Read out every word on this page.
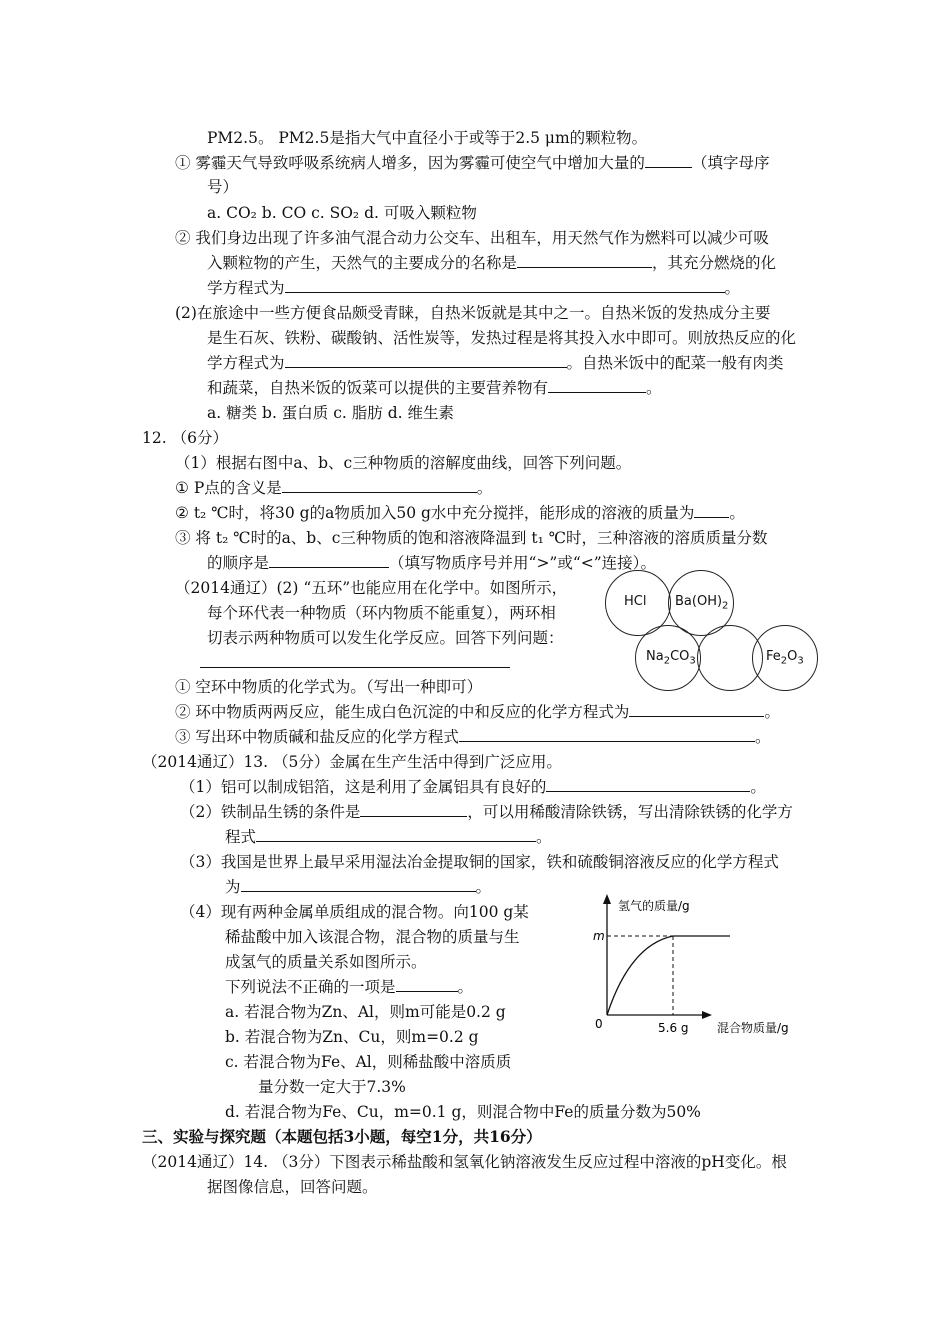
PM2.5。 PM2.5是指大气中直径小于或等于2.5 μm的颗粒物。
① 雾霾天气导致呼吸系统病人增多，因为雾霾可使空气中增加大量的	（填字母序
号）
a. CO₂ b. CO c. SO₂ d. 可吸入颗粒物
② 我们身边出现了许多油气混合动力公交车、出租车，用天然气作为燃料可以减少可吸
入颗粒物的产生，天然气的主要成分的名称是	，其充分燃烧的化
学方程式为	。
(2)在旅途中一些方便食品颇受青睐，自热米饭就是其中之一。自热米饭的发热成分主要
是生石灰、铁粉、碳酸钠、活性炭等，发热过程是将其投入水中即可。则放热反应的化
学方程式为	。自热米饭中的配菜一般有肉类
和蔬菜，自热米饭的饭菜可以提供的主要营养物有	。
a. 糖类 b. 蛋白质 c. 脂肪 d. 维生素
12. （6分）
（1）根据右图中a、b、c三种物质的溶解度曲线，回答下列问题。
① P点的含义是	。
② t₂ ℃时，将30 g的a物质加入50 g水中充分搅拌，能形成的溶液的质量为 。
③ 将 t₂ ℃时的a、b、c三种物质的饱和溶液降温到 t₁ ℃时，三种溶液的溶质质量分数
的顺序是	（填写物质序号并用“>”或“<”连接）。
（2014通辽）(2) “五环”也能应用在化学中。如图所示，
每个环代表一种物质（环内物质不能重复），两环相
切表示两种物质可以发生化学反应。回答下列问题：
① 空环中物质的化学式为。（写出一种即可）
② 环中物质两两反应，能生成白色沉淀的中和反应的化学方程式为	。
③ 写出环中物质碱和盐反应的化学方程式	。
（2014通辽）13. （5分）金属在生产生活中得到广泛应用。
（1）铝可以制成铝箔，这是利用了金属铝具有良好的	。
（2）铁制品生锈的条件是	，可以用稀酸清除铁锈，写出清除铁锈的化学方
程式	。
（3）我国是世界上最早采用湿法冶金提取铜的国家，铁和硫酸铜溶液反应的化学方程式
为	。
（4）现有两种金属单质组成的混合物。向100 g某
稀盐酸中加入该混合物，混合物的质量与生
成氢气的质量关系如图所示。
下列说法不正确的一项是	。
a. 若混合物为Zn、Al，则m可能是0.2 g
b. 若混合物为Zn、Cu，则m=0.2 g
c. 若混合物为Fe、Al，则稀盐酸中溶质质
量分数一定大于7.3%
d. 若混合物为Fe、Cu，m=0.1 g，则混合物中Fe的质量分数为50%
三、实验与探究题（本题包括3小题，每空1分，共16分）
（2014通辽）14. （3分）下图表示稀盐酸和氢氧化钠溶液发生反应过程中溶液的pH变化。根
据图像信息，回答问题。
HCl $Ba(OH)_2$
$Na_2CO_3$	$Fe_2O_3$
氢气的质量/g
m
0	5.6 g 混合物质量/g
